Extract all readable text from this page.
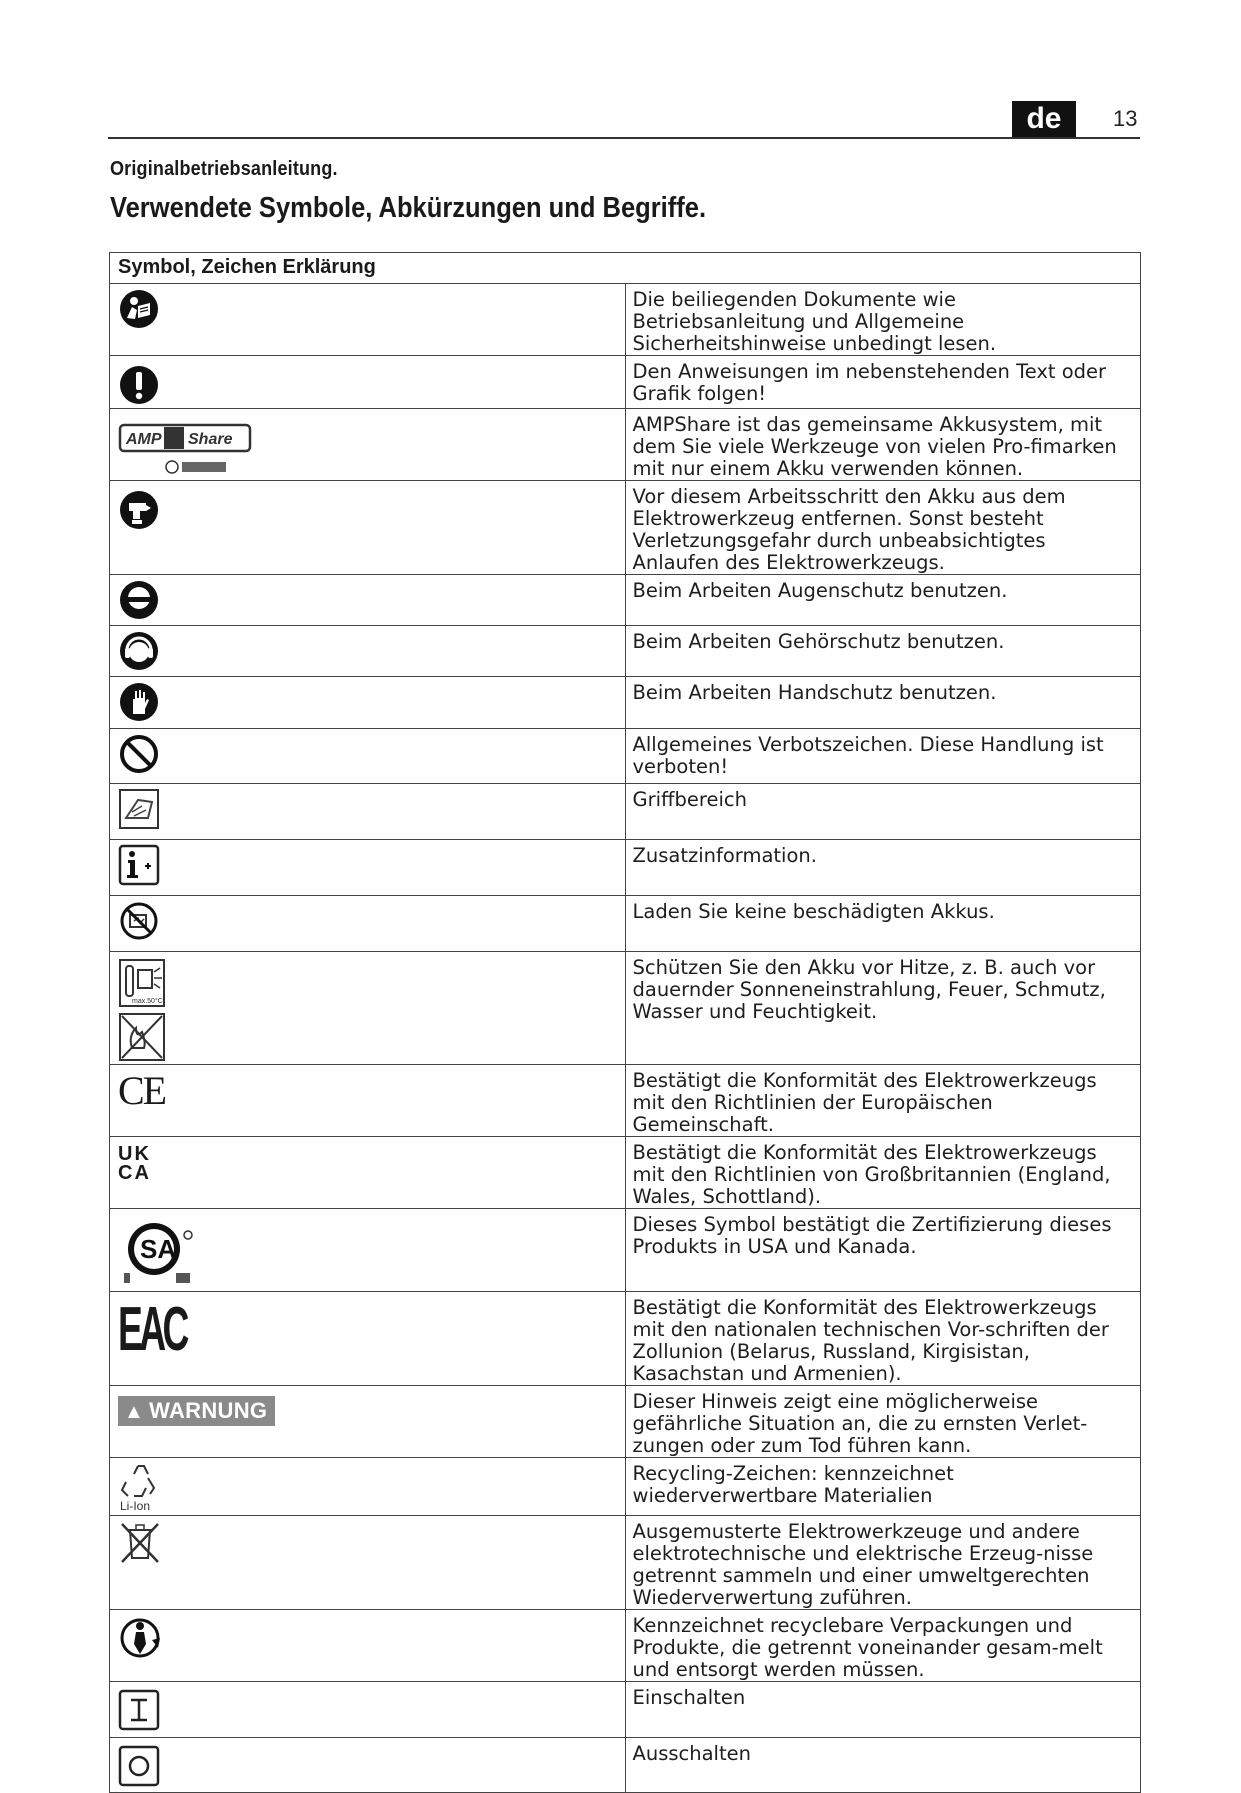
de	13
Originalbetriebsanleitung.
Verwendete Symbole, Abkürzungen und Begriffe.
Symbol, Zeichen Erklärung	

	Die beiliegenden Dokumente wie Betriebsanleitung und Allgemeine Sicherheitshinweise unbedingt lesen.

	Den Anweisungen im nebenstehenden Text oder Grafik folgen!

AMP Share	AMPShare ist das gemeinsame Akkusystem, mit dem Sie viele Werkzeuge von vielen Pro-fimarken mit nur einem Akku verwenden können.

	Vor diesem Arbeitsschritt den Akku aus dem Elektrowerkzeug entfernen. Sonst besteht Verletzungsgefahr durch unbeabsichtigtes Anlaufen des Elektrowerkzeugs.

	Beim Arbeiten Augenschutz benutzen.

	Beim Arbeiten Gehörschutz benutzen.

	Beim Arbeiten Handschutz benutzen.

	Allgemeines Verbotszeichen. Diese Handlung ist verboten!

	Griffbereich

	Zusatzinformation.

	Laden Sie keine beschädigten Akkus.

max.50°C	Schützen Sie den Akku vor Hitze, z. B. auch vor dauernder Sonneneinstrahlung, Feuer, Schmutz, Wasser und Feuchtigkeit.

CE	Bestätigt die Konformität des Elektrowerkzeugs mit den Richtlinien der Europäischen Gemeinschaft.

UK
CA	Bestätigt die Konformität des Elektrowerkzeugs mit den Richtlinien von Großbritannien (England, Wales, Schottland).

SA	Dieses Symbol bestätigt die Zertifizierung dieses Produkts in USA und Kanada.
EAC	Bestätigt die Konformität des Elektrowerkzeugs mit den nationalen technischen Vor-schriften der Zollunion (Belarus, Russland, Kirgisistan, Kasachstan und Armenien).
▲ WARNUNG	Dieser Hinweis zeigt eine möglicherweise gefährliche Situation an, die zu ernsten Verlet-zungen oder zum Tod führen kann.

Li-Ion	Recycling-Zeichen: kennzeichnet wiederverwertbare Materialien

	Ausgemusterte Elektrowerkzeuge und andere elektrotechnische und elektrische Erzeug-nisse getrennt sammeln und einer umweltgerechten Wiederverwertung zuführen.

	Kennzeichnet recyclebare Verpackungen und Produkte, die getrennt voneinander gesam-melt und entsorgt werden müssen.

	Einschalten

	Ausschalten
